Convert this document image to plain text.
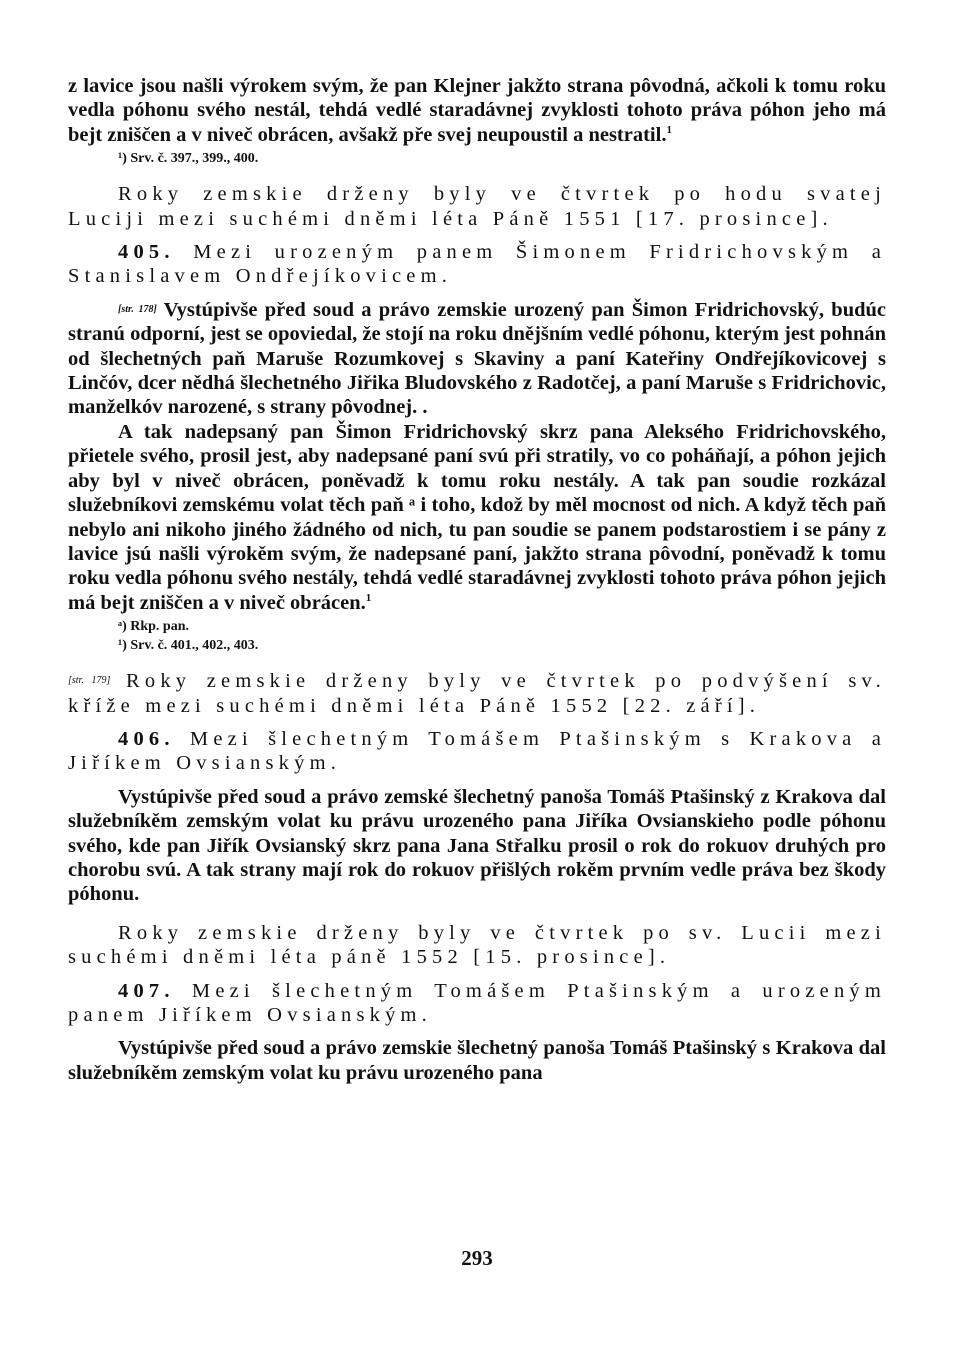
z lavice jsou našli výrokem svým, že pan Klejner jakžto strana pôvodná, ačkoli k tomu roku vedla póhonu svého nestál, tehdá vedlé staradávnej zvyklosti tohoto práva póhon jeho má bejt zniščen a v niveč obrácen, avšakž pře svej neupoustil a nestratil.$^1$

¹) Srv. č. 397., 399., 400.

Roky zemskie drženy byly ve čtvrtek po hodu svatej Luciji mezi suchémi dněmi léta Páně 1551 [17. prosince].

405. Mezi urozeným panem Šimonem Fridrichovským a Stanislavem Ondřejíkovicem.

[str. 178] Vystúpivše před soud a právo zemskie urozený pan Šimon Fridrichovský, budúc stranú odporní, jest se opoviedal, že stojí na roku dnějšním vedlé póhonu, kterým jest pohnán od šlechetných paň Maruše Rozumkovej s Skaviny a paní Kateřiny Ondřejíkovicovej s Linčóv, dcer nědhá šlechetného Jiřika Bludovského z Radotčej, a paní Maruše s Fridrichovic, manželkóv narozené, s strany pôvodnej. .

A tak nadepsaný pan Šimon Fridrichovský skrz pana Alekséhо Fridrichovského, přietele svého, prosil jest, aby nadepsané paní svú při stratily, vo co poháňají, a póhon jejich aby byl v niveč obrácen, poněvadž k tomu roku nestály. A tak pan soudie rozkázal služebníkovi zemskému volat těch paň ᵃ i toho, kdož by měl mocnost od nich. A když těch paň nebylo ani nikoho jiného žádného od nich, tu pan soudie se panem podstarostiem i se pány z lavice jsú našli výrokěm svým, že nadepsané paní, jakžto strana pôvodní, poněvadž k tomu roku vedla póhonu svého nestály, tehdá vedlé staradávnej zvyklosti tohoto práva póhon jejich má bejt zniščen a v niveč obrácen.$^1$

ᵃ) Rkp. pan.

¹) Srv. č. 401., 402., 403.

[str. 179] Roky zemskie drženy byly ve čtvrtek po podvýšení sv. kříže mezi suchémi dněmi léta Páně 1552 [22. září].

406. Mezi šlechetným Tomášem Ptašinským s Krakova a Jiříkem Ovsianským.

Vystúpivše před soud a právo zemské šlechetný panoša Tomáš Ptašinský z Krakova dal služebníkěm zemským volat ku právu urozeného pana Jiříka Ovsianskieho podle póhonu svého, kde pan Jiřík Ovsianský skrz pana Jana Střalku prosil o rok do rokuov druhých pro chorobu svú. A tak strany mají rok do rokuov přišlých rokěm prvním vedle práva bez škody póhonu.

Roky zemskie drženy byly ve čtvrtek po sv. Lucii mezi suchémi dněmi léta páně 1552 [15. prosince].

407. Mezi šlechetným Tomášem Ptašinským a urozeným panem Jiříkem Ovsianským.

Vystúpivše před soud a právo zemskie šlechetný panoša Tomáš Ptašinský s Krakova dal služebníkěm zemským volat ku právu urozeného pana

293
